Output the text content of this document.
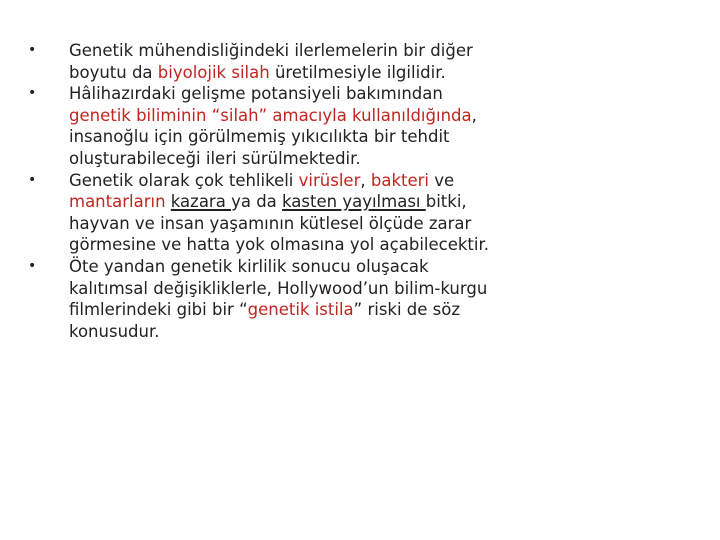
• Genetik mühendisliğindeki ilerlemelerin bir diğer boyutu da biyolojik silah üretilmesiyle ilgilidir.
• Hâlihazırdaki gelişme potansiyeli bakımından genetik biliminin “silah” amacıyla kullanıldığında, insanoğlu için görülmemiş yıkıcılıkta bir tehdit oluşturabileceği ileri sürülmektedir.
• Genetik olarak çok tehlikeli virüsler, bakteri ve mantarların kazara ya da kasten yayılması bitki, hayvan ve insan yaşamının kütlesel ölçüde zarar görmesine ve hatta yok olmasına yol açabilecektir.
• Öte yandan genetik kirlilik sonucu oluşacak kalıtımsal değişikliklerle, Hollywood’un bilim-kurgu filmlerindeki gibi bir “genetik istila” riski de söz konusudur.
